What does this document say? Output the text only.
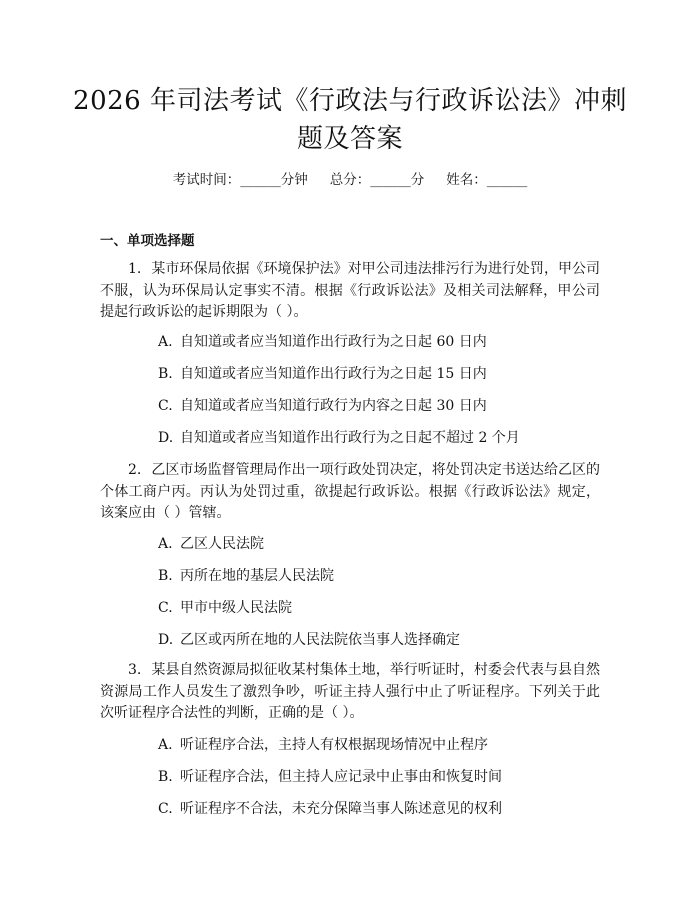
2026 年司法考试《行政法与行政诉讼法》冲刺题及答案
考试时间：______分钟 总分：______分 姓名：______
一、单项选择题
1. 某市环保局依据《环境保护法》对甲公司违法排污行为进行处罚，甲公司不服，认为环保局认定事实不清。根据《行政诉讼法》及相关司法解释，甲公司提起行政诉讼的起诉期限为（ ）。
A. 自知道或者应当知道作出行政行为之日起 60 日内
B. 自知道或者应当知道作出行政行为之日起 15 日内
C. 自知道或者应当知道行政行为内容之日起 30 日内
D. 自知道或者应当知道作出行政行为之日起不超过 2 个月
2. 乙区市场监督管理局作出一项行政处罚决定，将处罚决定书送达给乙区的个体工商户丙。丙认为处罚过重，欲提起行政诉讼。根据《行政诉讼法》规定，该案应由（ ）管辖。
A. 乙区人民法院
B. 丙所在地的基层人民法院
C. 甲市中级人民法院
D. 乙区或丙所在地的人民法院依当事人选择确定
3. 某县自然资源局拟征收某村集体土地，举行听证时，村委会代表与县自然资源局工作人员发生了激烈争吵，听证主持人强行中止了听证程序。下列关于此次听证程序合法性的判断，正确的是（ ）。
A. 听证程序合法，主持人有权根据现场情况中止程序
B. 听证程序合法，但主持人应记录中止事由和恢复时间
C. 听证程序不合法，未充分保障当事人陈述意见的权利
